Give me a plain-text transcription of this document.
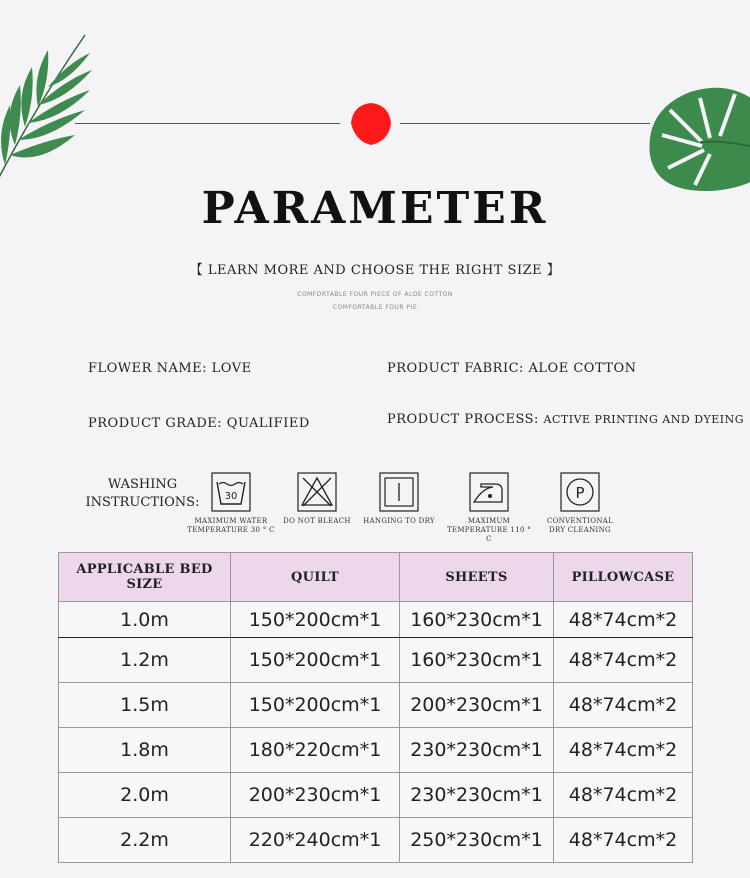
PARAMETER
【 LEARN MORE AND CHOOSE THE RIGHT SIZE 】
COMFORTABLE FOUR PIECE OF ALOE COTTON
COMFORTABLE FOUR PIE
FLOWER NAME: LOVE	PRODUCT FABRIC: ALOE COTTON
PRODUCT GRADE: QUALIFIED	PRODUCT PROCESS: ACTIVE PRINTING AND DYEING
WASHING
INSTRUCTIONS:	30
MAXIMUM WATER
TEMPERATURE 30 ° C
DO NOT BLEACH	HANGING TO DRY	MAXIMUM
TEMPERATURE 110 ° C
P
CONVENTIONAL
DRY CLEANING
APPLICABLE BED SIZE	QUILT	SHEETS	PILLOWCASE
1.0m	150*200cm*1	160*230cm*1	48*74cm*2
1.2m	150*200cm*1	160*230cm*1	48*74cm*2
1.5m	150*200cm*1	200*230cm*1	48*74cm*2
1.8m	180*220cm*1	230*230cm*1	48*74cm*2
2.0m	200*230cm*1	230*230cm*1	48*74cm*2
2.2m	220*240cm*1	250*230cm*1	48*74cm*2
